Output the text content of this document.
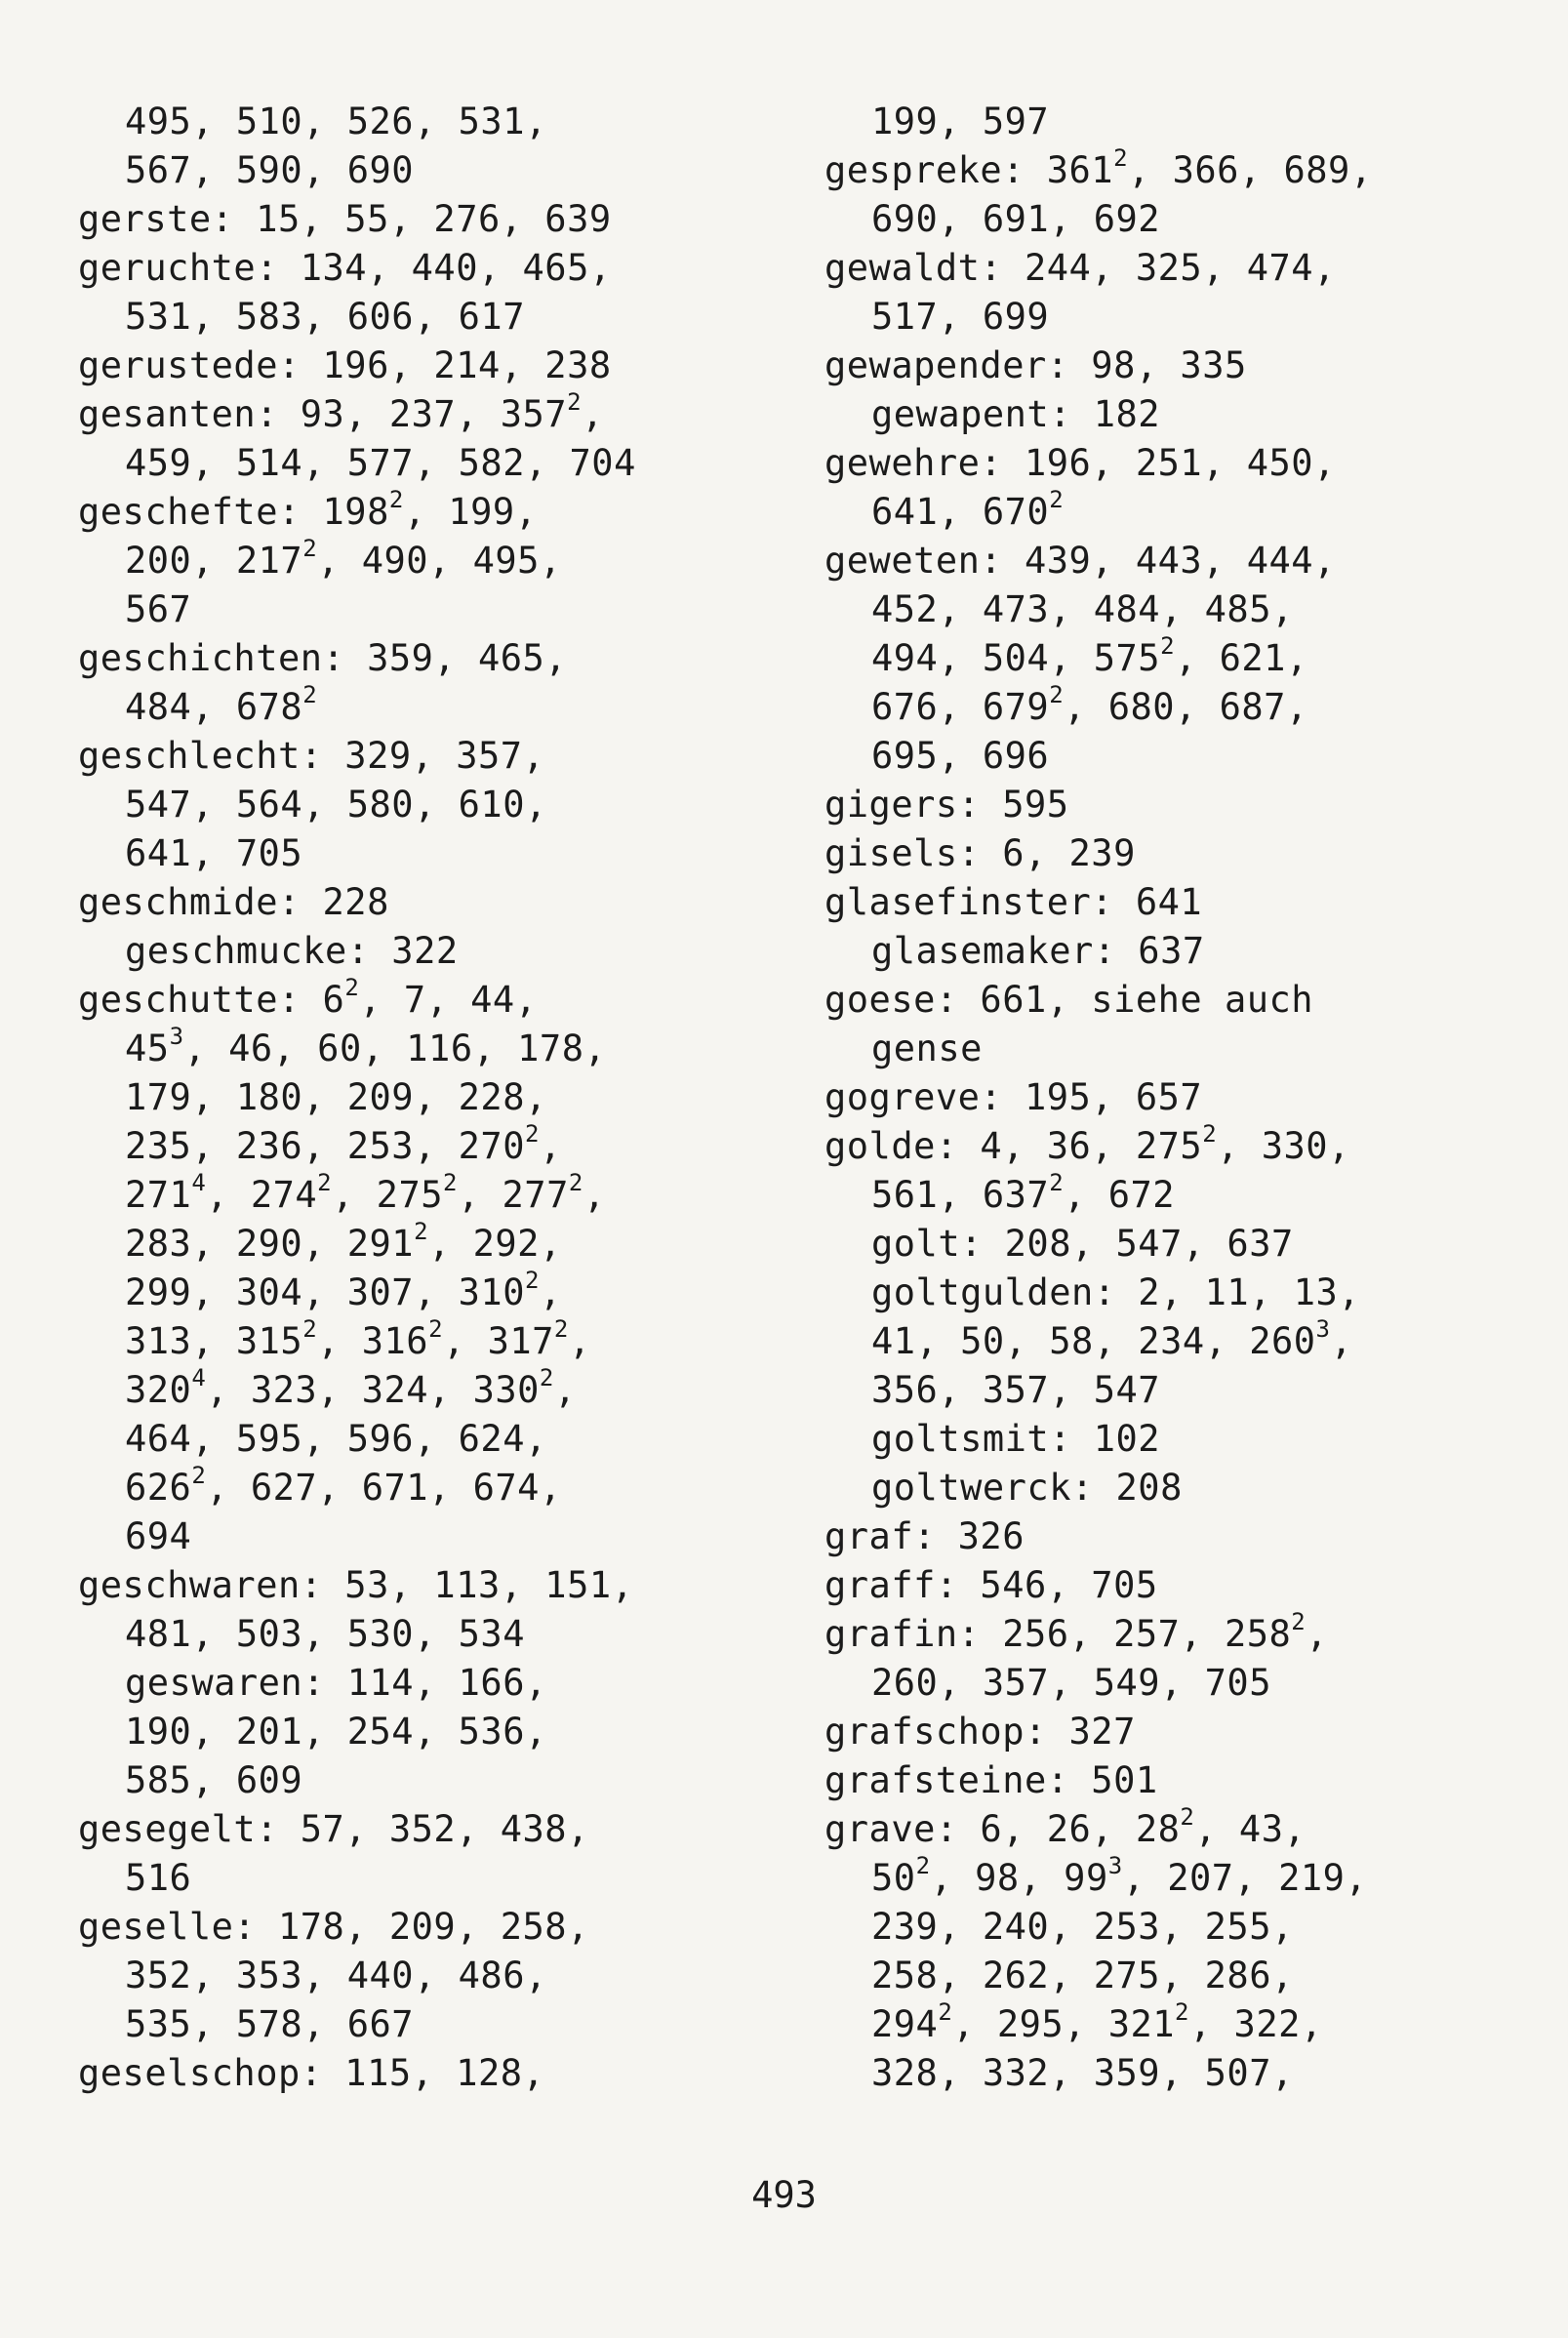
495, 510, 526, 531,
567, 590, 690
gerste: 15, 55, 276, 639
geruchte: 134, 440, 465,
531, 583, 606, 617
gerustede: 196, 214, 238
gesanten: 93, 237, $357^2$,
459, 514, 577, 582, 704
geschefte: $198^2$, 199,
200, $217^2$, 490, 495,
567
geschichten: 359, 465,
484, $678^2$
geschlecht: 329, 357,
547, 564, 580, 610,
641, 705
geschmide: 228
geschmucke: 322
geschutte: $6^2$, 7, 44,
$45^3$, 46, 60, 116, 178,
179, 180, 209, 228,
235, 236, 253, $270^2$,
$271^4$, $274^2$, $275^2$, $277^2$,
283, 290, $291^2$, 292,
299, 304, 307, $310^2$,
313, $315^2$, $316^2$, $317^2$,
$320^4$, 323, 324, $330^2$,
464, 595, 596, 624,
$626^2$, 627, 671, 674,
694
geschwaren: 53, 113, 151,
481, 503, 530, 534
geswaren: 114, 166,
190, 201, 254, 536,
585, 609
gesegelt: 57, 352, 438,
516
geselle: 178, 209, 258,
352, 353, 440, 486,
535, 578, 667
geselschop: 115, 128,
199, 597
gespreke: $361^2$, 366, 689,
690, 691, 692
gewaldt: 244, 325, 474,
517, 699
gewapender: 98, 335
gewapent: 182
gewehre: 196, 251, 450,
641, $670^2$
geweten: 439, 443, 444,
452, 473, 484, 485,
494, 504, $575^2$, 621,
676, $679^2$, 680, 687,
695, 696
gigers: 595
gisels: 6, 239
glasefinster: 641
glasemaker: 637
goese: 661, siehe auch
gense
gogreve: 195, 657
golde: 4, 36, $275^2$, 330,
561, $637^2$, 672
golt: 208, 547, 637
goltgulden: 2, 11, 13,
41, 50, 58, 234, $260^3$,
356, 357, 547
goltsmit: 102
goltwerck: 208
graf: 326
graff: 546, 705
grafin: 256, 257, $258^2$,
260, 357, 549, 705
grafschop: 327
grafsteine: 501
grave: 6, 26, $28^2$, 43,
$50^2$, 98, $99^3$, 207, 219,
239, 240, 253, 255,
258, 262, 275, 286,
$294^2$, 295, $321^2$, 322,
328, 332, 359, 507,
493
